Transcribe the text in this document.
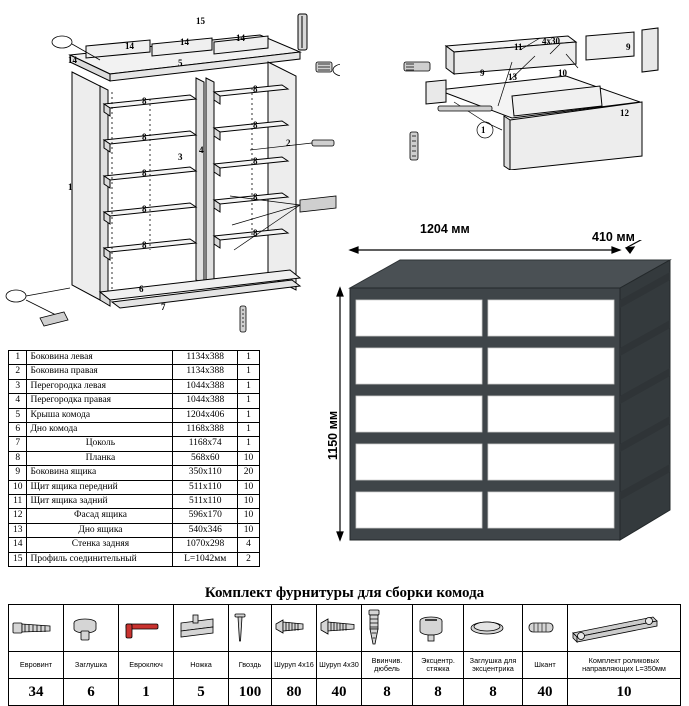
15
14
14	14	14
5
1
2
3
4
6
7
8
8
8
8
8
8
8
8
8
8
11
9
9
13	10
12
1
4x30
1204 мм
410 мм
1150 мм
1	Боковина левая	1134x388	1
2	Боковина правая	1134x388	1
3	Перегородка левая	1044x388	1
4	Перегородка правая	1044x388	1
5	Крыша комода	1204x406	1
6	Дно комода	1168x388	1
7	Цоколь	1168x74	1
8	Планка	568x60	10
9	Боковина ящика	350x110	20
10	Щит ящика передний	511x110	10
11	Щит ящика задний	511x110	10
12	Фасад ящика	596x170	10
13	Дно ящика	540x346	10
14	Стенка задняя	1070x298	4
15	Профиль соединительный	L=1042мм	2
Комплект фурнитуры для сборки комода

Евровинт	Заглушка	Евроключ	Ножка	Гвоздь	Шуруп 4x16	Шуруп 4x30	Ввинчив. дюбель	Эксцентр. стяжка	Заглушка для эксцентрика	Шкант	Комплект роликовых направляющих L=350мм
34	6	1	5	100	80	40	8	8	8	40	10
